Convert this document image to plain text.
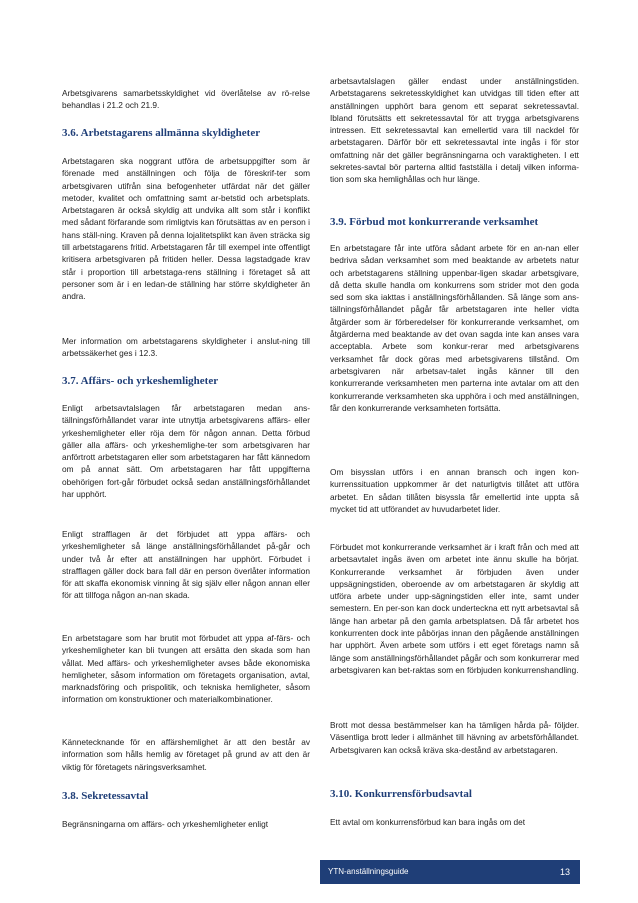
Arbetsgivarens samarbetsskyldighet vid överlåtelse av rö-relse behandlas i 21.2 och 21.9.

3.6. Arbetstagarens allmänna skyldigheter

Arbetstagaren ska noggrant utföra de arbetsuppgifter som är förenade med anställningen och följa de föreskrif-ter som arbetsgivaren utifrån sina befogenheter utfärdat när det gäller metoder, kvalitet och omfattning samt ar-betstid och arbetsplats. Arbetstagaren är också skyldig att undvika allt som står i konflikt med sådant förfarande som rimligtvis kan förutsättas av en person i hans ställ-ning. Kraven på denna lojalitetsplikt kan även sträcka sig till arbetstagarens fritid. Arbetstagaren får till exempel inte offentligt kritisera arbetsgivaren på fritiden heller. Dessa lagstadgade krav står i proportion till arbetstaga-rens ställning i företaget så att personer som är i en ledan-de ställning har större skyldigheter än andra.

Mer information om arbetstagarens skyldigheter i anslut-ning till arbetssäkerhet ges i 12.3.

3.7. Affärs- och yrkeshemligheter

Enligt arbetsavtalslagen får arbetstagaren medan ans-tällningsförhållandet varar inte utnyttja arbetsgivarens affärs- eller yrkeshemligheter eller röja dem för någon annan. Detta förbud gäller alla affärs- och yrkeshemlighe-ter som arbetsgivaren har anförtrott arbetstagaren eller som arbetstagaren har fått kännedom om på annat sätt. Om arbetstagaren har fått uppgifterna obehörigen fort-går förbudet också sedan anställningsförhållandet har upphört.

Enligt strafflagen är det förbjudet att yppa affärs- och yrkeshemligheter så länge anställningsförhållandet på-går och under två år efter att anställningen har upphört. Förbudet i strafflagen gäller dock bara fall där en person överlåter information för att skaffa ekonomisk vinning åt sig själv eller någon annan eller för att tillfoga någon an-nan skada.

En arbetstagare som har brutit mot förbudet att yppa af-färs- och yrkeshemligheter kan bli tvungen att ersätta den skada som han vållat. Med affärs- och yrkeshemligheter avses både ekonomiska hemligheter, såsom information om företagets organisation, avtal, marknadsföring och prispolitik, och tekniska hemligheter, såsom information om konstruktioner och materialkombinationer.

Kännetecknande för en affärshemlighet är att den består av information som hålls hemlig av företaget på grund av att den är viktig för företagets näringsverksamhet.

3.8. Sekretessavtal

Begränsningarna om affärs- och yrkeshemligheter enligt

arbetsavtalslagen gäller endast under anställningstiden. Arbetstagarens sekretesskyldighet kan utvidgas till tiden efter att anställningen upphört bara genom ett separat sekretessavtal. Ibland förutsätts ett sekretessavtal för att trygga arbetsgivarens intressen. Ett sekretessavtal kan emellertid vara till nackdel för arbetstagaren. Därför bör ett sekretessavtal inte ingås i för stor omfattning när det gäller begränsningarna och varaktigheten. I ett sekretes-savtal bör parterna alltid fastställa i detalj vilken informa-tion som ska hemlighållas och hur länge.

3.9. Förbud mot konkurrerande verksamhet

En arbetstagare får inte utföra sådant arbete för en an-nan eller bedriva sådan verksamhet som med beaktande av arbetets natur och arbetstagarens ställning uppenbar-ligen skadar arbetsgivare, då detta skulle handla om konkurrens som strider mot den goda sed som ska iakttas i anställningsförhållanden. Så länge som ans-tällningsförhållandet pågår får arbetstagaren inte heller vidta åtgärder som är förberedelser för konkurrerande verksamhet, om åtgärderna med beaktande av det ovan sagda inte kan anses vara acceptabla. Arbete som konkur-rerar med arbetsgivarens verksamhet får dock göras med arbetsgivarens tillstånd. Om arbetsgivaren när arbetsav-talet ingås känner till den konkurrerande verksamheten men parterna inte avtalar om att den konkurrerande verksamheten ska upphöra i och med anställningen, får den konkurrerande verksamheten fortsätta.

Om bisysslan utförs i en annan bransch och ingen kon-kurrenssituation uppkommer är det naturligtvis tillåtet att utföra arbetet. En sådan tillåten bisyssla får emellertid inte uppta så mycket tid att utförandet av huvudarbetet lider.

Förbudet mot konkurrerande verksamhet är i kraft från och med att arbetsavtalet ingås även om arbetet inte ännu skulle ha börjat. Konkurrerande verksamhet är förbjuden även under uppsägningstiden, oberoende av om arbetstagaren är skyldig att utföra arbete under upp-sägningstiden eller inte, samt under semestern. En per-son kan dock underteckna ett nytt arbetsavtal så länge han arbetar på den gamla arbetsplatsen. Då får arbetet hos konkurrenten dock inte påbörjas innan den pågående anställningen har upphört. Även arbete som utförs i ett eget företags namn så länge som anställningsförhållandet pågår och som konkurrerar med arbetsgivaren kan bet-raktas som en förbjuden konkurrenshandling.

Brott mot dessa bestämmelser kan ha tämligen hårda på- följder. Väsentliga brott leder i allmänhet till hävning av arbetsförhållandet. Arbetsgivaren kan också kräva ska-destånd av arbetstagaren.

3.10. Konkurrensförbudsavtal

Ett avtal om konkurrensförbud kan bara ingås om det

YTN-anställningsguide	13
